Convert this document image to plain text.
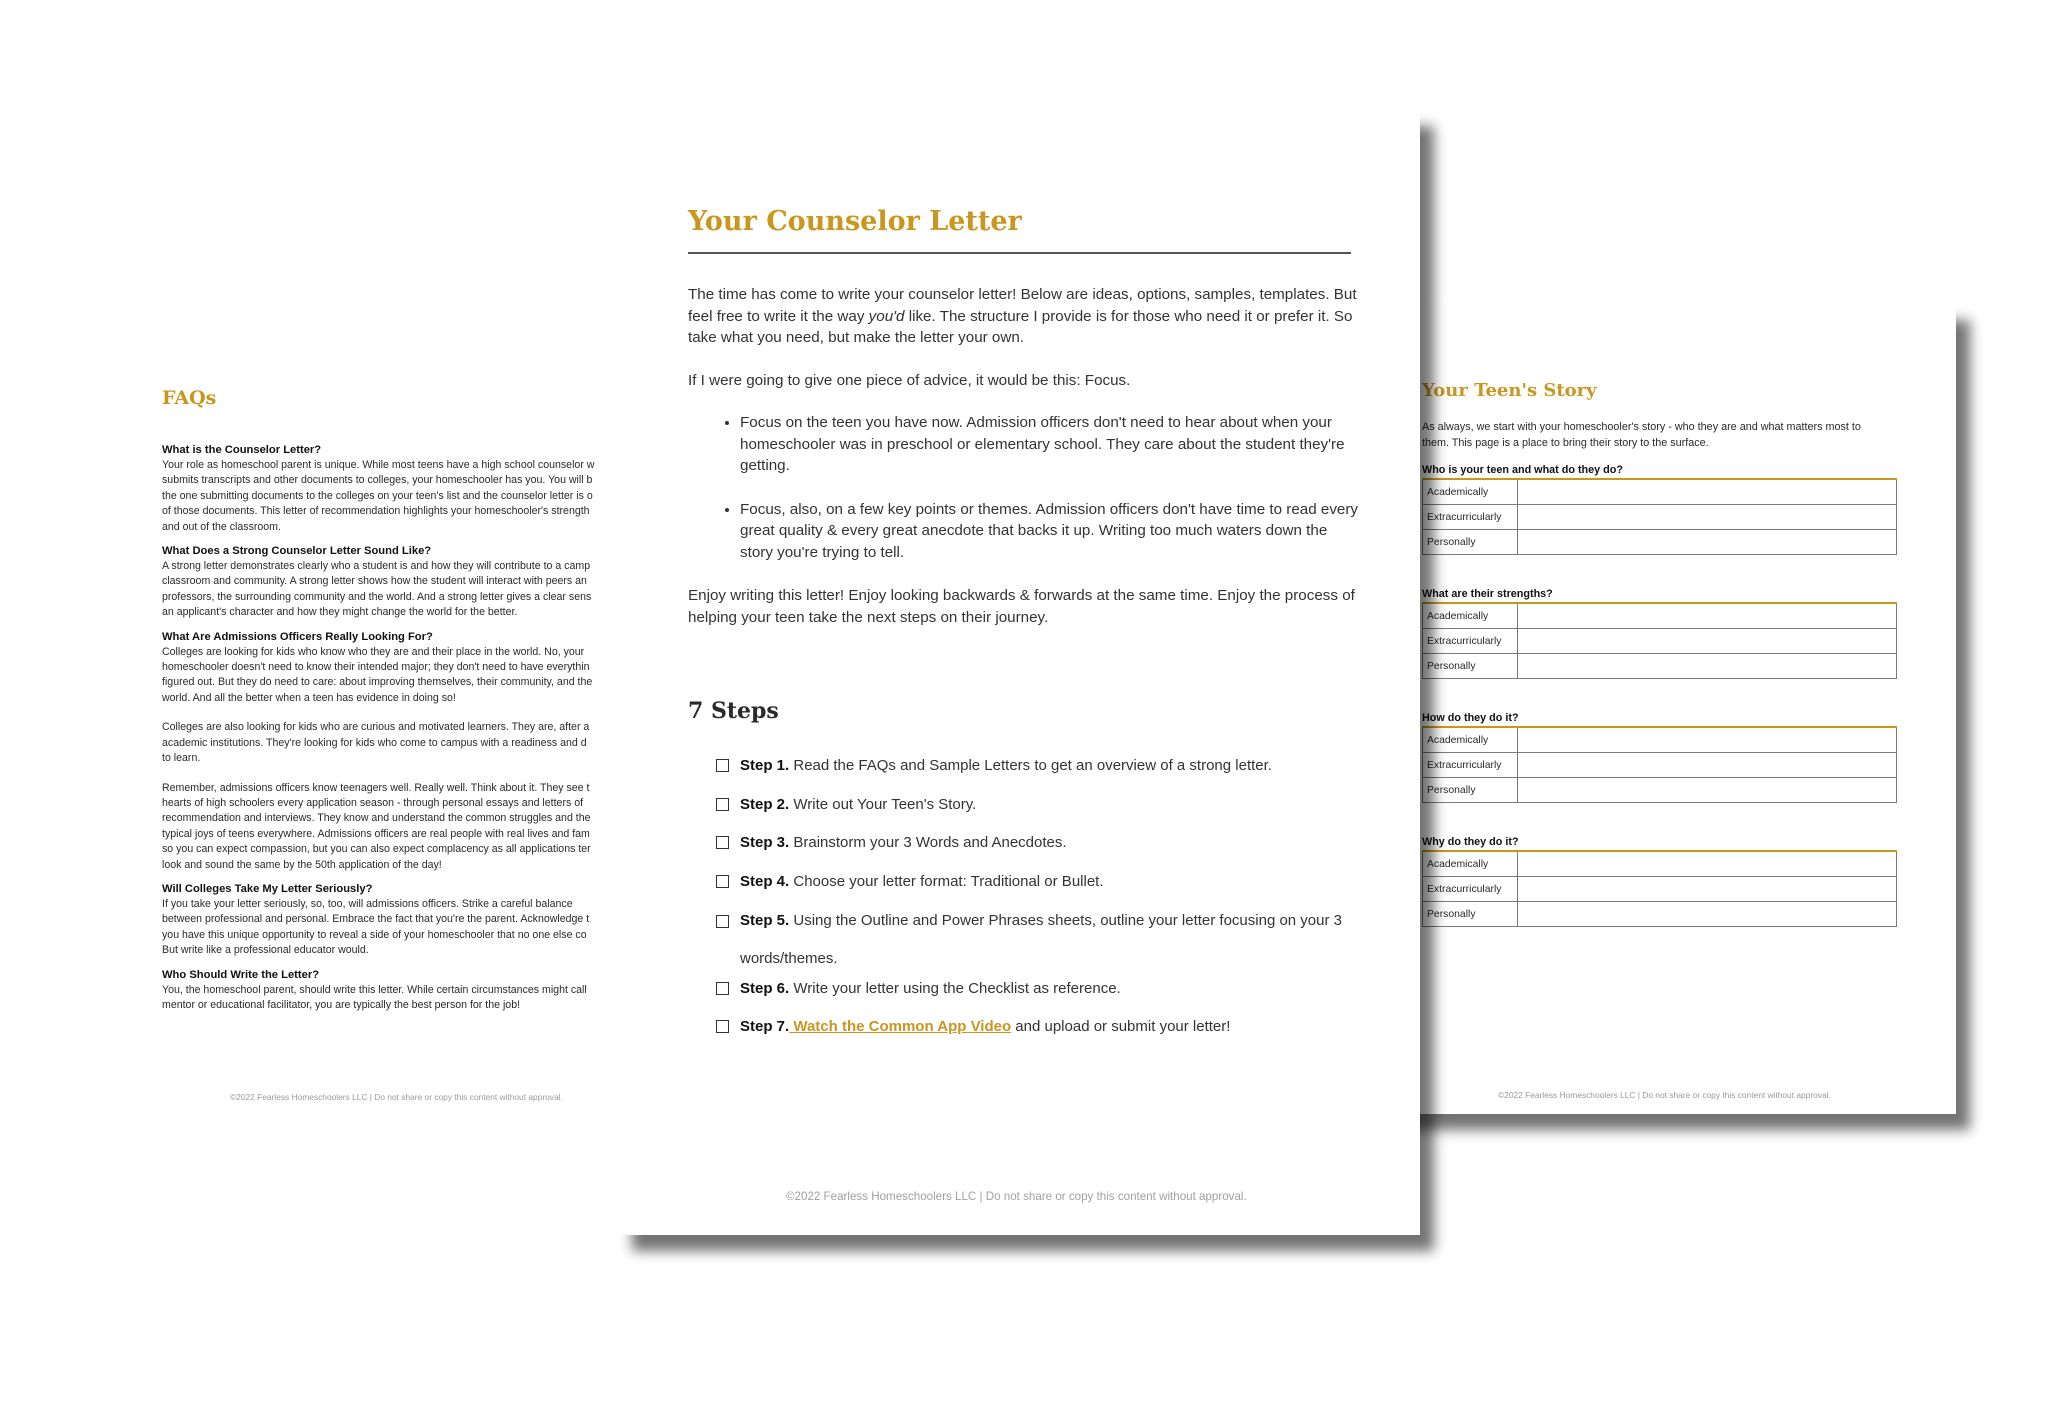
FAQs
What is the Counselor Letter?
Your role as homeschool parent is unique. While most teens have a high school counselor w
submits transcripts and other documents to colleges, your homeschooler has you. You will b
the one submitting documents to the colleges on your teen's list and the counselor letter is o
of those documents. This letter of recommendation highlights your homeschooler's strength
and out of the classroom.
What Does a Strong Counselor Letter Sound Like?
A strong letter demonstrates clearly who a student is and how they will contribute to a camp
classroom and community. A strong letter shows how the student will interact with peers an
professors, the surrounding community and the world. And a strong letter gives a clear sens
an applicant's character and how they might change the world for the better.
What Are Admissions Officers Really Looking For?
Colleges are looking for kids who know who they are and their place in the world. No, your
homeschooler doesn't need to know their intended major; they don't need to have everythin
figured out. But they do need to care: about improving themselves, their community, and the
world. And all the better when a teen has evidence in doing so!
Colleges are also looking for kids who are curious and motivated learners. They are, after a
academic institutions. They're looking for kids who come to campus with a readiness and d
to learn.
Remember, admissions officers know teenagers well. Really well. Think about it. They see t
hearts of high schoolers every application season - through personal essays and letters of
recommendation and interviews. They know and understand the common struggles and the
typical joys of teens everywhere. Admissions officers are real people with real lives and fam
so you can expect compassion, but you can also expect complacency as all applications ter
look and sound the same by the 50th application of the day!
Will Colleges Take My Letter Seriously?
If you take your letter seriously, so, too, will admissions officers. Strike a careful balance
between professional and personal. Embrace the fact that you're the parent. Acknowledge t
you have this unique opportunity to reveal a side of your homeschooler that no one else co
But write like a professional educator would.
Who Should Write the Letter?
You, the homeschool parent, should write this letter. While certain circumstances might call
mentor or educational facilitator, you are typically the best person for the job!
©2022 Fearless Homeschoolers LLC | Do not share or copy this content without approval.
Your Teen's Story
As always, we start with your homeschooler's story - who they are and what matters most to
them. This page is a place to bring their story to the surface.
Who is your teen and what do they do?
Academically	
Extracurricularly	
Personally	
What are their strengths?
Academically	
Extracurricularly	
Personally	
How do they do it?
Academically	
Extracurricularly	
Personally	
Why do they do it?
Academically	
Extracurricularly	
Personally	
©2022 Fearless Homeschoolers LLC | Do not share or copy this content without approval.
Your Counselor Letter

The time has come to write your counselor letter! Below are ideas, options, samples, templates. But feel free to write it the way you'd like. The structure I provide is for those who need it or prefer it. So take what you need, but make the letter your own.

If I were going to give one piece of advice, it would be this: Focus.

• Focus on the teen you have now. Admission officers don't need to hear about when your homeschooler was in preschool or elementary school. They care about the student they're getting.
• Focus, also, on a few key points or themes. Admission officers don't have time to read every great quality & every great anecdote that backs it up. Writing too much waters down the story you're trying to tell.

Enjoy writing this letter! Enjoy looking backwards & forwards at the same time. Enjoy the process of helping your teen take the next steps on their journey.

7 Steps
Step 1. Read the FAQs and Sample Letters to get an overview of a strong letter.
Step 2. Write out Your Teen's Story.
Step 3. Brainstorm your 3 Words and Anecdotes.
Step 4. Choose your letter format: Traditional or Bullet.
Step 5. Using the Outline and Power Phrases sheets, outline your letter focusing on your 3 words/themes.
Step 6. Write your letter using the Checklist as reference.
Step 7. Watch the Common App Video and upload or submit your letter!
©2022 Fearless Homeschoolers LLC | Do not share or copy this content without approval.
